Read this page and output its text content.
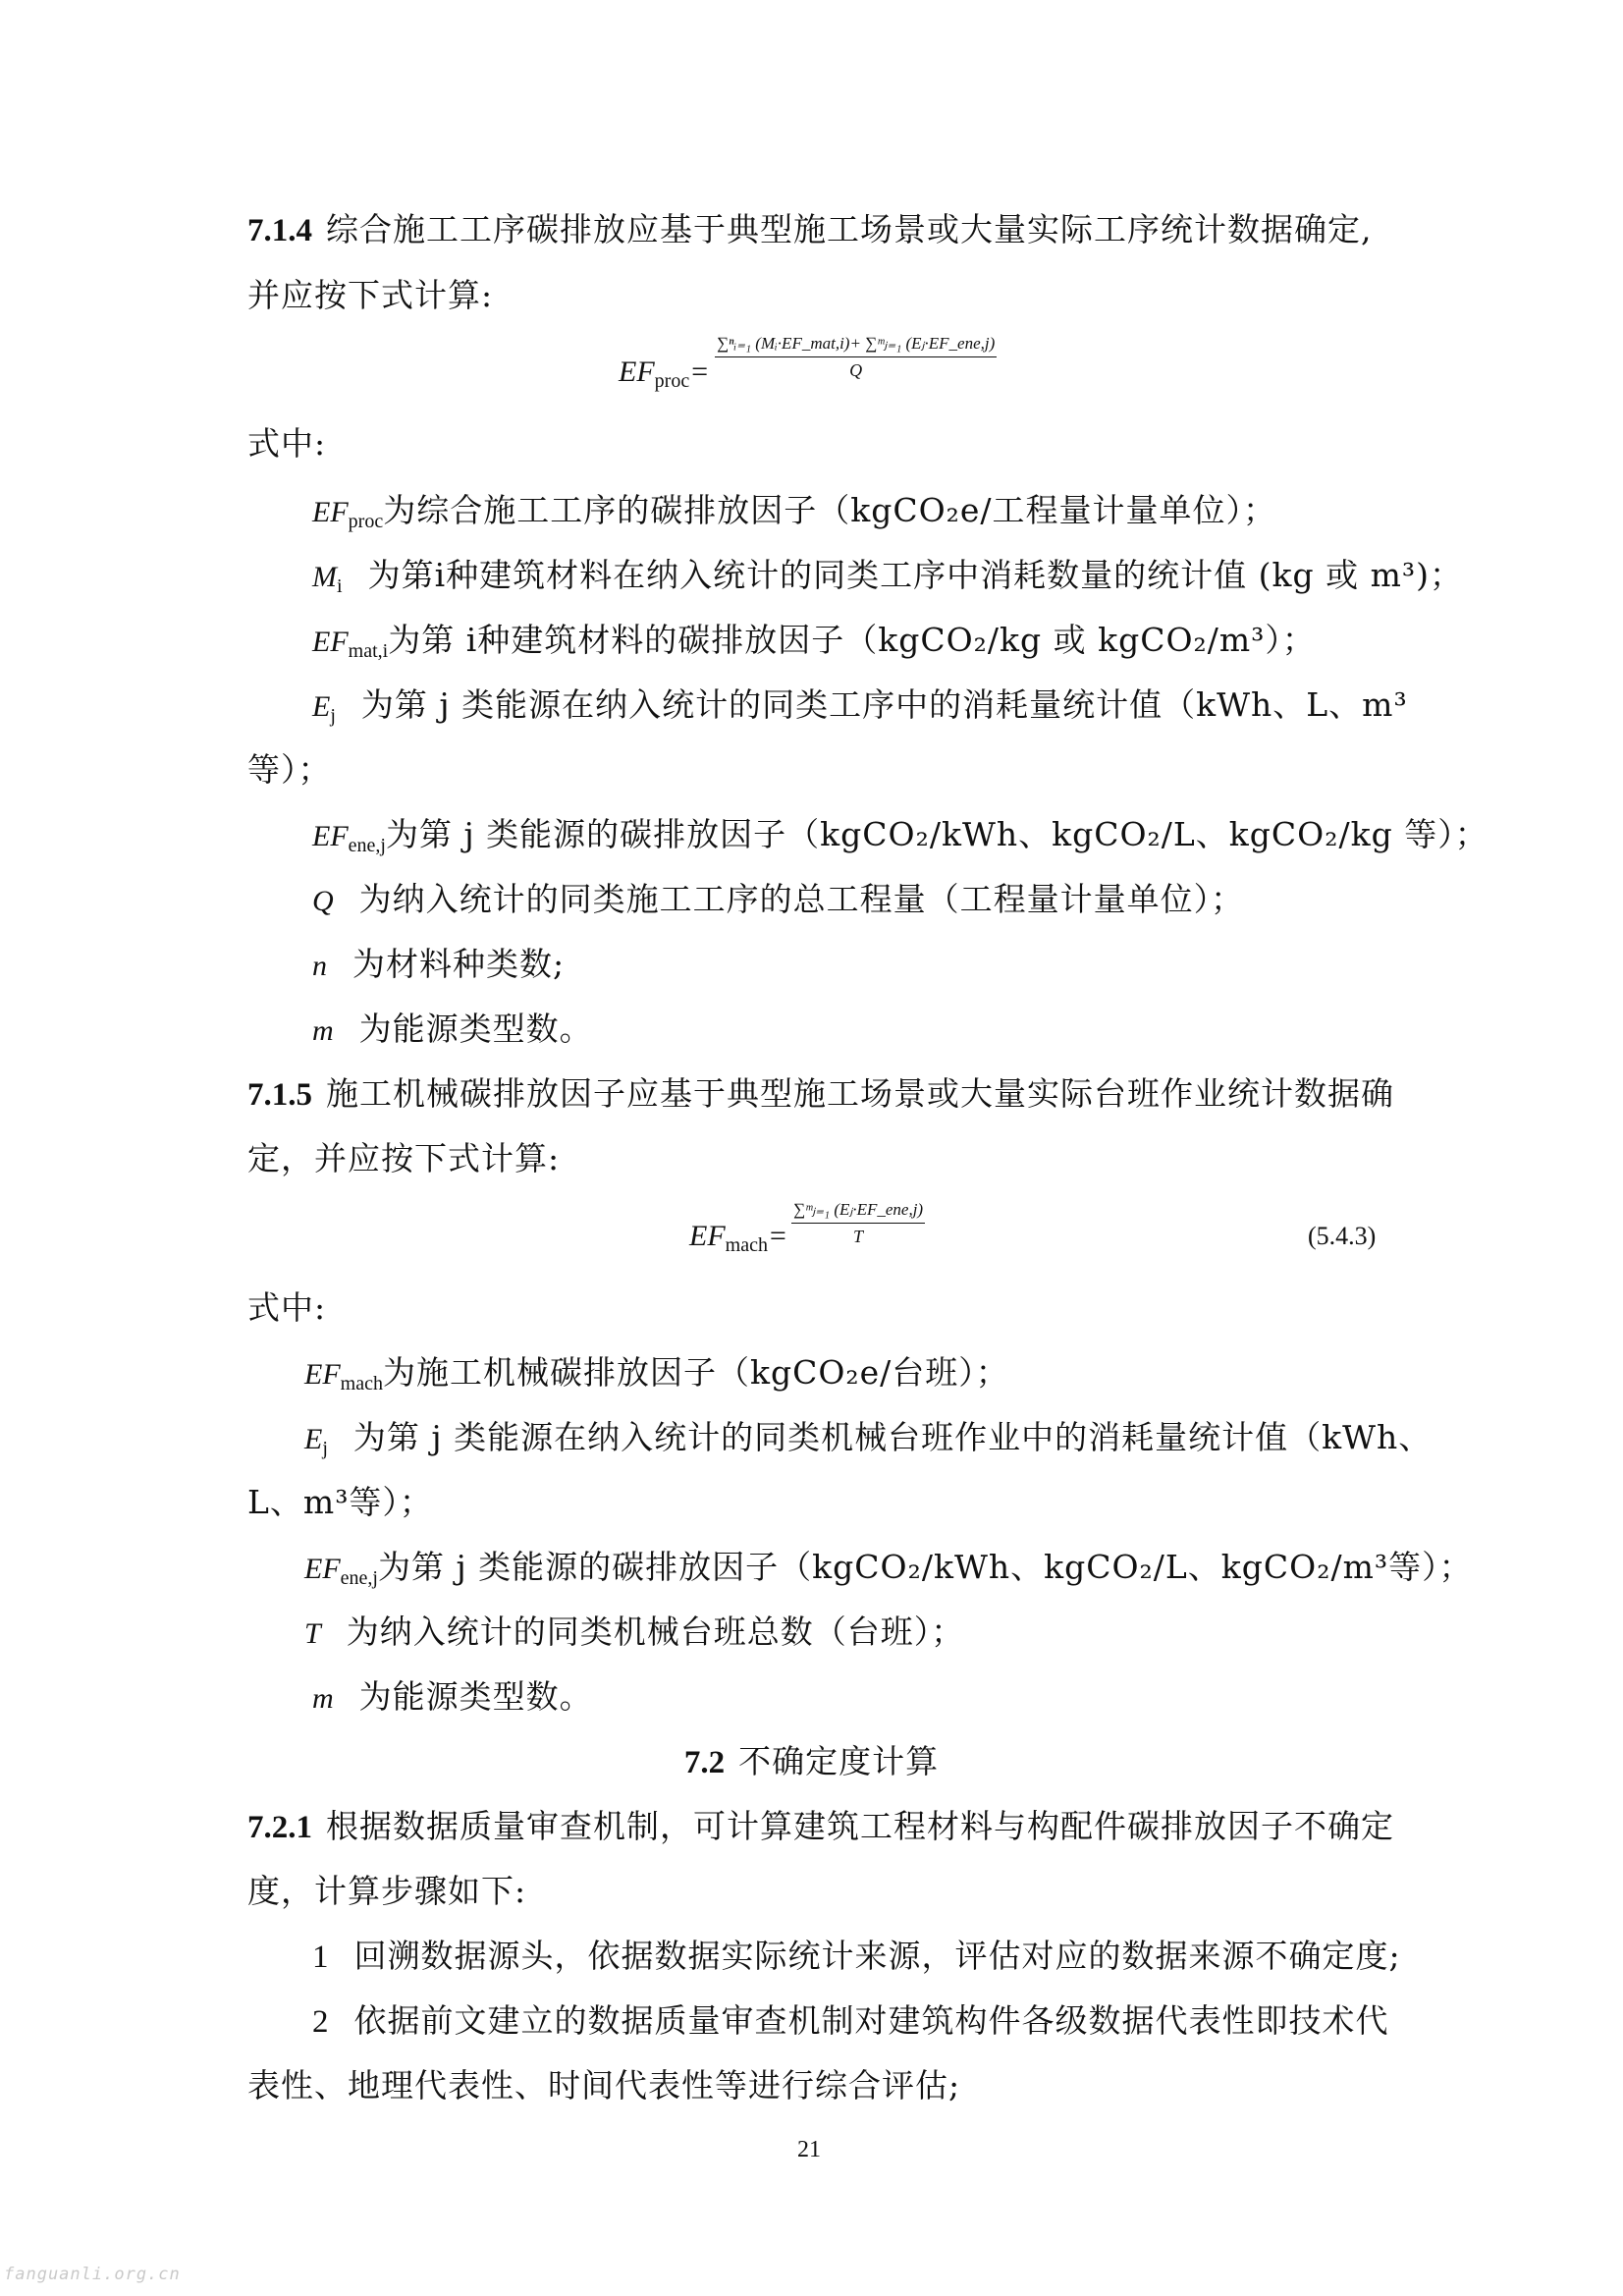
7.1.4 综合施工工序碳排放应基于典型施工场景或大量实际工序统计数据确定,
并应按下式计算:
$EF_{proc}=$
∑ⁿᵢ₌₁ (Mᵢ·EF_mat,i)+ ∑ᵐⱼ₌₁ (Eⱼ·EF_ene,j)
Q
式中:
$EF_{proc}$为综合施工工序的碳排放因子（kgCO₂e/工程量计量单位）；
$M_i$ 为第i种建筑材料在纳入统计的同类工序中消耗数量的统计值 (kg 或 m³)；
$EF_{mat,i}$为第 i种建筑材料的碳排放因子（kgCO₂/kg 或 kgCO₂/m³）；
$E_j$ 为第 j 类能源在纳入统计的同类工序中的消耗量统计值（kWh、L、m³
等）；
$EF_{ene,j}$为第 j 类能源的碳排放因子（kgCO₂/kWh、kgCO₂/L、kgCO₂/kg 等）；
Q 为纳入统计的同类施工工序的总工程量（工程量计量单位）；
n 为材料种类数;
m 为能源类型数。
7.1.5 施工机械碳排放因子应基于典型施工场景或大量实际台班作业统计数据确
定，并应按下式计算:
$EF_{mach}=$
∑ᵐⱼ₌₁ (Eⱼ·EF_ene,j)
T	(5.4.3)
式中:
$EF_{mach}$为施工机械碳排放因子（kgCO₂e/台班）；
$E_j$ 为第 j 类能源在纳入统计的同类机械台班作业中的消耗量统计值（kWh、
L、m³等）；
$EF_{ene,j}$为第 j 类能源的碳排放因子（kgCO₂/kWh、kgCO₂/L、kgCO₂/m³等）；
T 为纳入统计的同类机械台班总数（台班）；
m 为能源类型数。
7.2 不确定度计算
7.2.1 根据数据质量审查机制，可计算建筑工程材料与构配件碳排放因子不确定
度，计算步骤如下:
1 回溯数据源头，依据数据实际统计来源，评估对应的数据来源不确定度;
2 依据前文建立的数据质量审查机制对建筑构件各级数据代表性即技术代
表性、地理代表性、时间代表性等进行综合评估;
21
fanguanli.org.cn
